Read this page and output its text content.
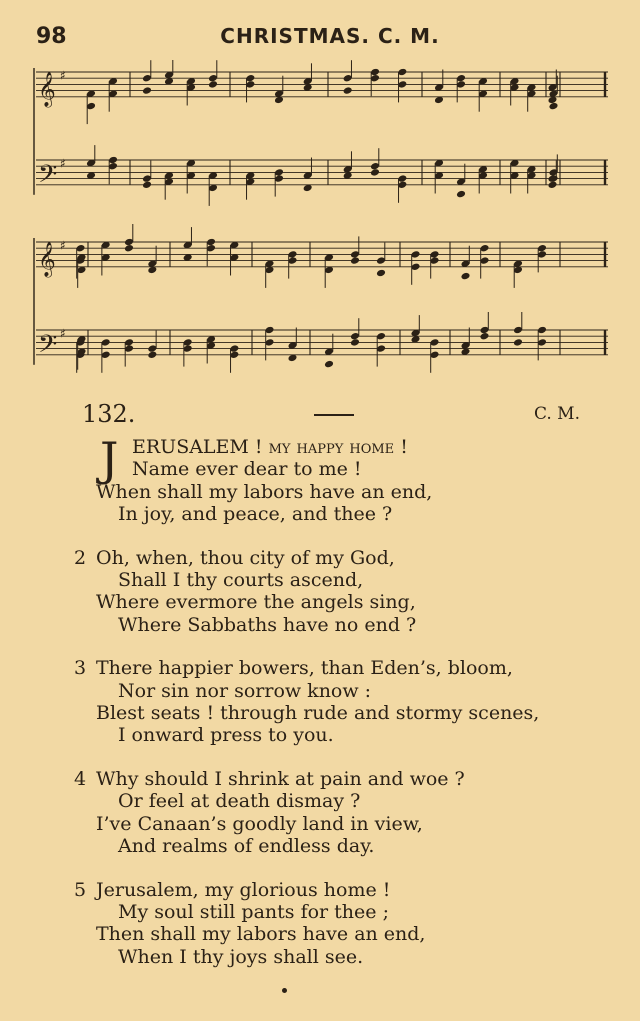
98	CHRISTMAS. C. M.
𝄞 ♯
𝄢 ♯
𝄞 ♯
𝄢 ♯
132.	C. M.
J ERUSALEM ! my happy home !
Name ever dear to me !
When shall my labors have an end,
In joy, and peace, and thee ?
2 Oh, when, thou city of my God,
Shall I thy courts ascend,
Where evermore the angels sing,
Where Sabbaths have no end ?
3 There happier bowers, than Eden’s, bloom,
Nor sin nor sorrow know :
Blest seats ! through rude and stormy scenes,
I onward press to you.
4 Why should I shrink at pain and woe ?
Or feel at death dismay ?
I’ve Canaan’s goodly land in view,
And realms of endless day.
5 Jerusalem, my glorious home !
My soul still pants for thee ;
Then shall my labors have an end,
When I thy joys shall see.
